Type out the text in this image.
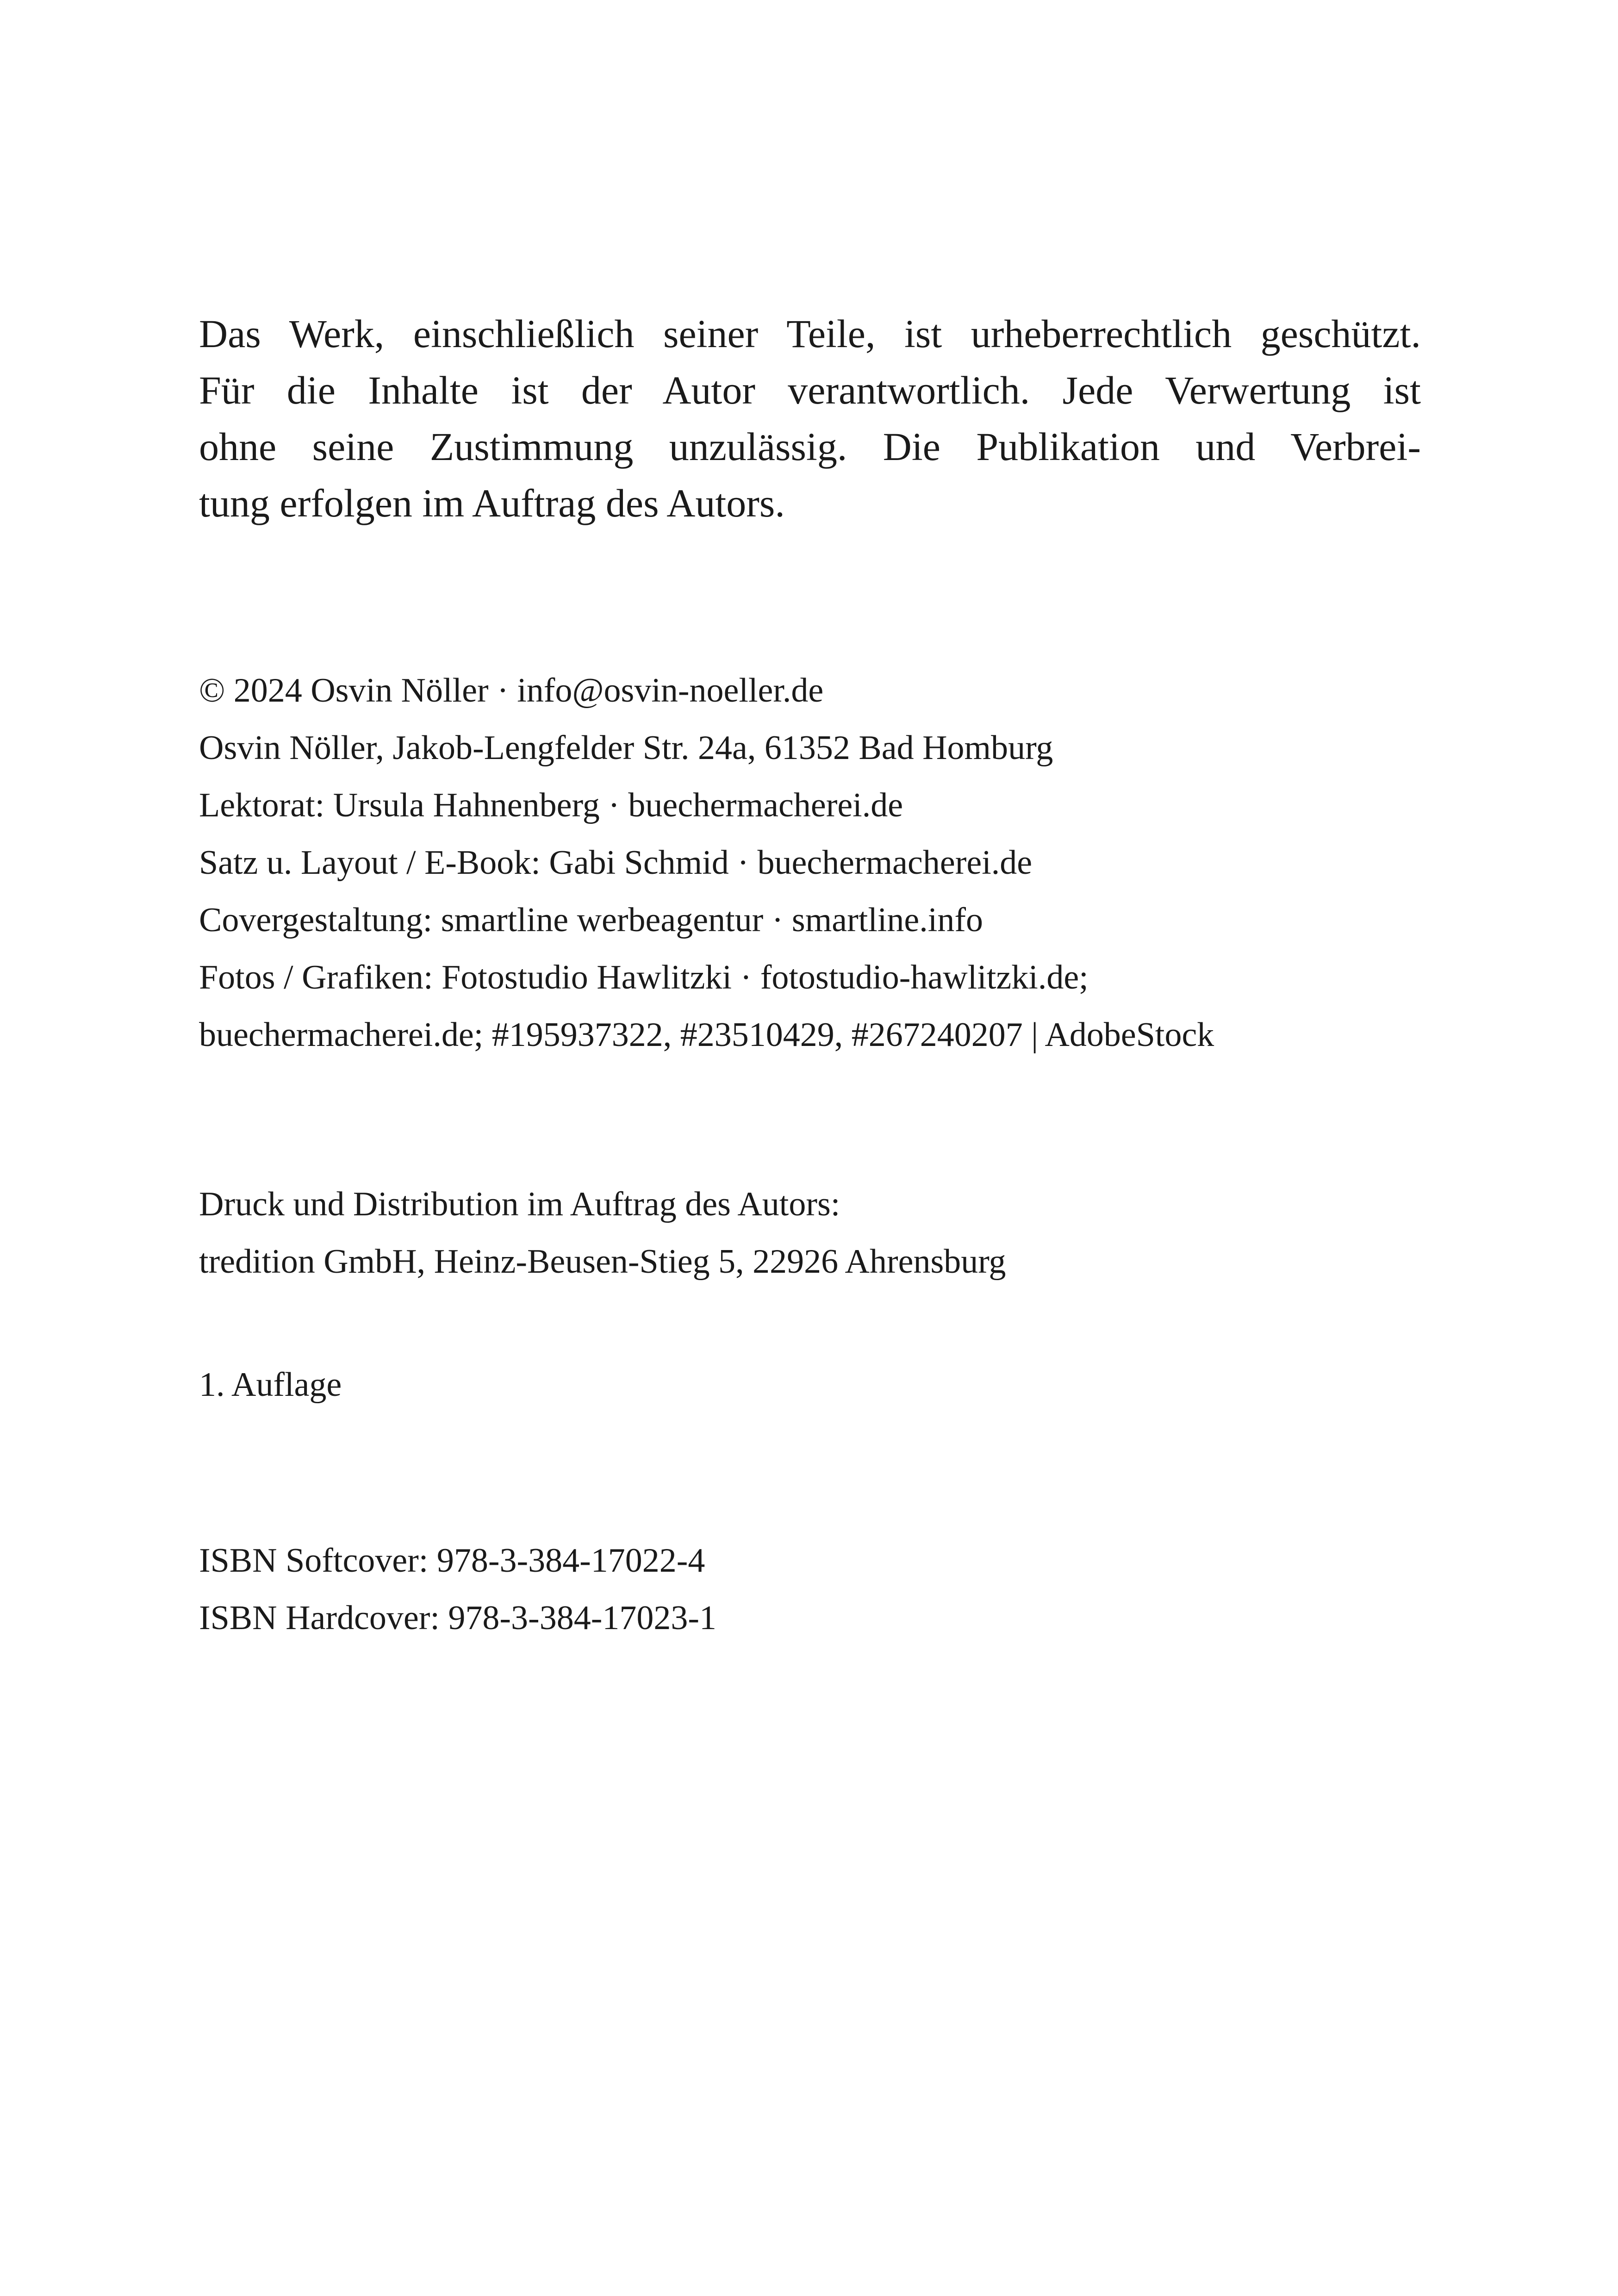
Das Werk, einschließlich seiner Teile, ist urheberrechtlich geschützt.
Für die Inhalte ist der Autor verantwortlich. Jede Verwertung ist
ohne seine Zustimmung unzulässig. Die Publikation und Verbrei-
tung erfolgen im Auftrag des Autors.
© 2024 Osvin Nöller · info@osvin-noeller.de
Osvin Nöller, Jakob-Lengfelder Str. 24a, 61352 Bad Homburg
Lektorat: Ursula Hahnenberg · buechermacherei.de
Satz u. Layout / E-Book: Gabi Schmid · buechermacherei.de
Covergestaltung: smartline werbeagentur · smartline.info
Fotos / Grafiken: Fotostudio Hawlitzki · fotostudio-hawlitzki.de;
buechermacherei.de; #195937322, #23510429, #267240207 | AdobeStock
Druck und Distribution im Auftrag des Autors:
tredition GmbH, Heinz-Beusen-Stieg 5, 22926 Ahrensburg
1. Auflage
ISBN Softcover: 978-3-384-17022-4
ISBN Hardcover: 978-3-384-17023-1
